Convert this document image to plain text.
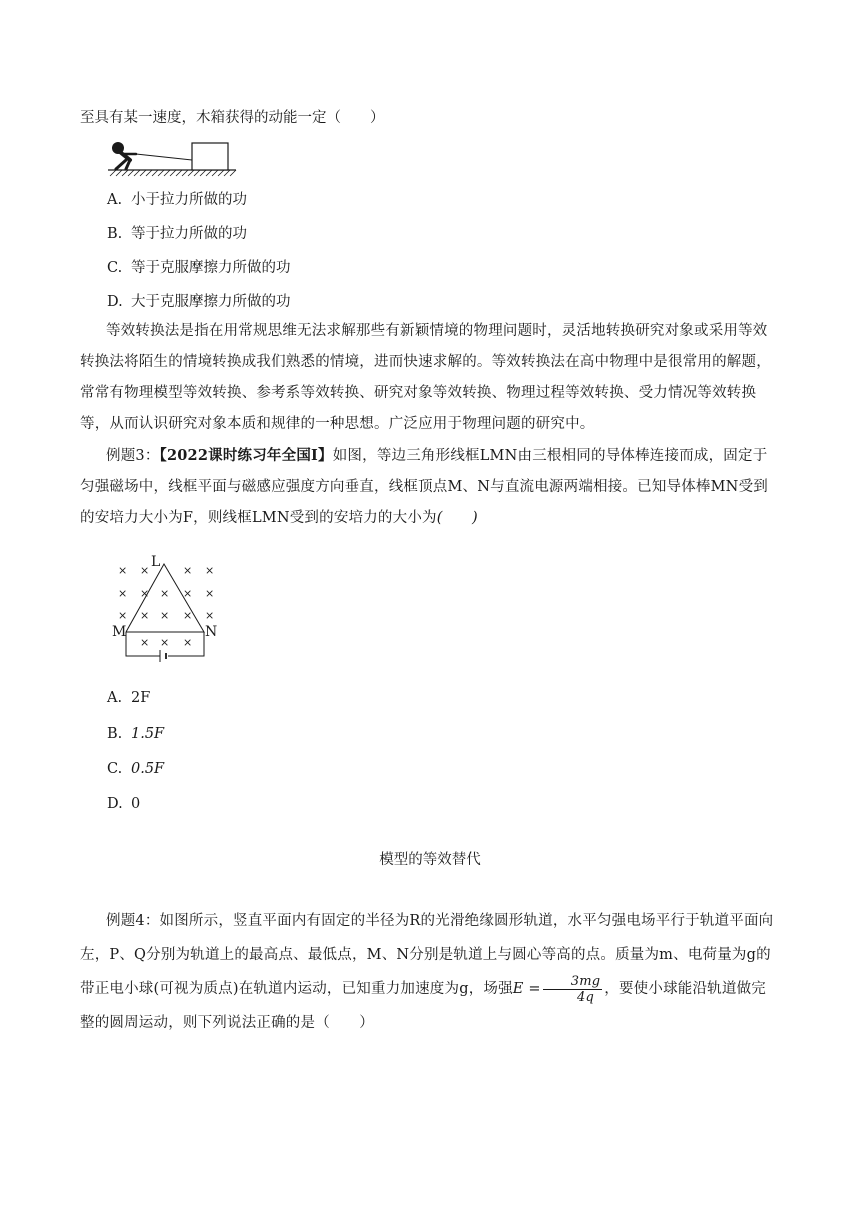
至具有某一速度，木箱获得的动能一定（　　）
A. 小于拉力所做的功
B. 等于拉力所做的功
C. 等于克服摩擦力所做的功
D. 大于克服摩擦力所做的功
等效转换法是指在用常规思维无法求解那些有新颖情境的物理问题时，灵活地转换研究对象或采用等效转换法将陌生的情境转换成我们熟悉的情境，进而快速求解的。等效转换法在高中物理中是很常用的解题，常常有物理模型等效转换、参考系等效转换、研究对象等效转换、物理过程等效转换、受力情况等效转换等，从而认识研究对象本质和规律的一种思想。广泛应用于物理问题的研究中。
例题3：【2022课时练习年全国Ⅰ】如图，等边三角形线框LMN由三根相同的导体棒连接而成，固定于匀强磁场中，线框平面与磁感应强度方向垂直，线框顶点M、N与直流电源两端相接。已知导体棒MN受到的安培力大小为F，则线框LMN受到的安培力的大小为(　　)
× ×	× ×
× × × × ×
× × × × ×
× × ×
L
M	N
A. 2F
B. 1.5F
C. 0.5F
D. 0
模型的等效替代
例题4：如图所示，竖直平面内有固定的半径为R的光滑绝缘圆形轨道，水平匀强电场平行于轨道平面向左，P、Q分别为轨道上的最高点、最低点，M、N分别是轨道上与圆心等高的点。质量为m、电荷量为g的带正电小球(可视为质点)在轨道内运动，已知重力加速度为g，场强$E = \frac{3mg}{4q}$ ，要使小球能沿轨道做完整的圆周运动，则下列说法正确的是（　　）
